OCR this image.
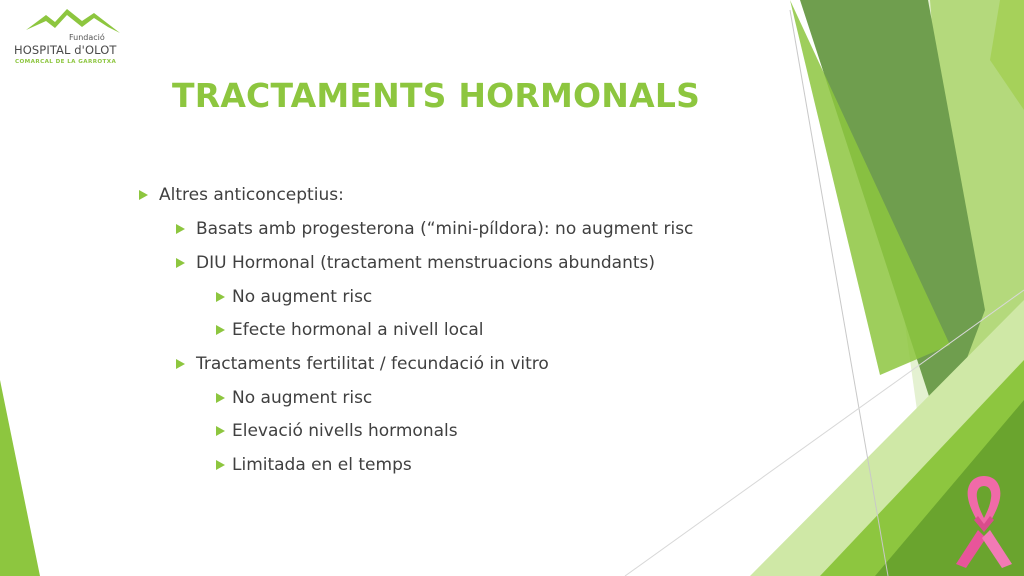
Fundació
HOSPITAL d'OLOT
COMARCAL DE LA GARROTXA
TRACTAMENTS HORMONALS
Altres anticonceptius:
Basats amb progesterona (“mini-píldora): no augment risc
DIU Hormonal (tractament menstruacions abundants)
No augment risc
Efecte hormonal a nivell local
Tractaments fertilitat / fecundació in vitro
No augment risc
Elevació nivells hormonals
Limitada en el temps
